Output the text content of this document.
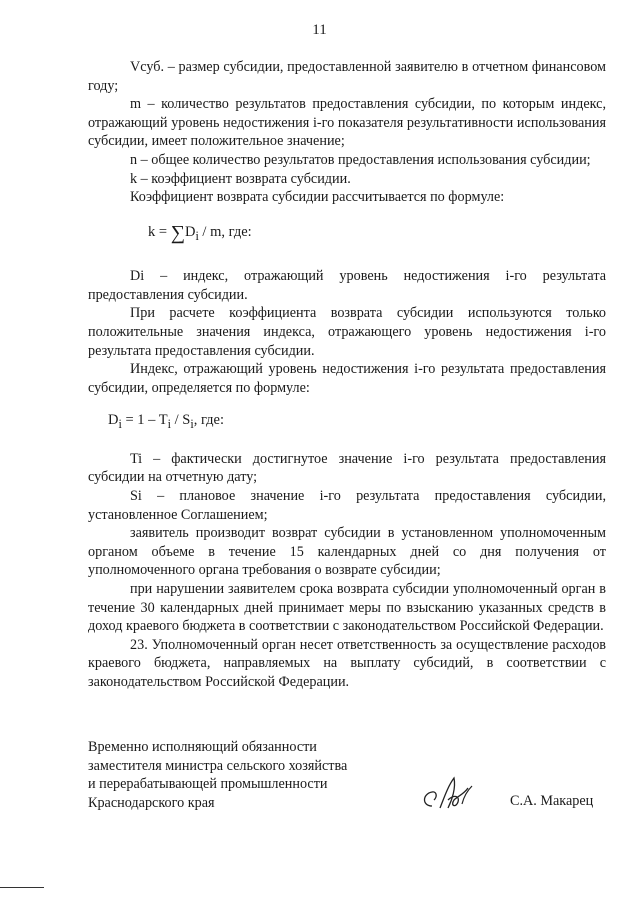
11

Vсуб. – размер субсидии, предоставленной заявителю в отчетном финансовом году;

m – количество результатов предоставления субсидии, по которым индекс, отражающий уровень недостижения i-го показателя результативности использования субсидии, имеет положительное значение;

n – общее количество результатов предоставления использования субсидии;

k – коэффициент возврата субсидии.

Коэффициент возврата субсидии рассчитывается по формуле:

$k = \sum D_i / m$, где:

Di – индекс, отражающий уровень недостижения i-го результата предоставления субсидии.

При расчете коэффициента возврата субсидии используются только положительные значения индекса, отражающего уровень недостижения i-го результата предоставления субсидии.

Индекс, отражающий уровень недостижения i-го результата предоставления субсидии, определяется по формуле:

$D_i = 1 - T_i / S_i$, где:

Ti – фактически достигнутое значение i-го результата предоставления субсидии на отчетную дату;

Si – плановое значение i-го результата предоставления субсидии, установленное Соглашением;

заявитель производит возврат субсидии в установленном уполномоченным органом объеме в течение 15 календарных дней со дня получения от уполномоченного органа требования о возврате субсидии;

при нарушении заявителем срока возврата субсидии уполномоченный орган в течение 30 календарных дней принимает меры по взысканию указанных средств в доход краевого бюджета в соответствии с законодательством Российской Федерации.

23. Уполномоченный орган несет ответственность за осуществление расходов краевого бюджета, направляемых на выплату субсидий, в соответствии с законодательством Российской Федерации.

Временно исполняющий обязанности
заместителя министра сельского хозяйства
и перерабатывающей промышленности
Краснодарского края	С.А. Макарец
